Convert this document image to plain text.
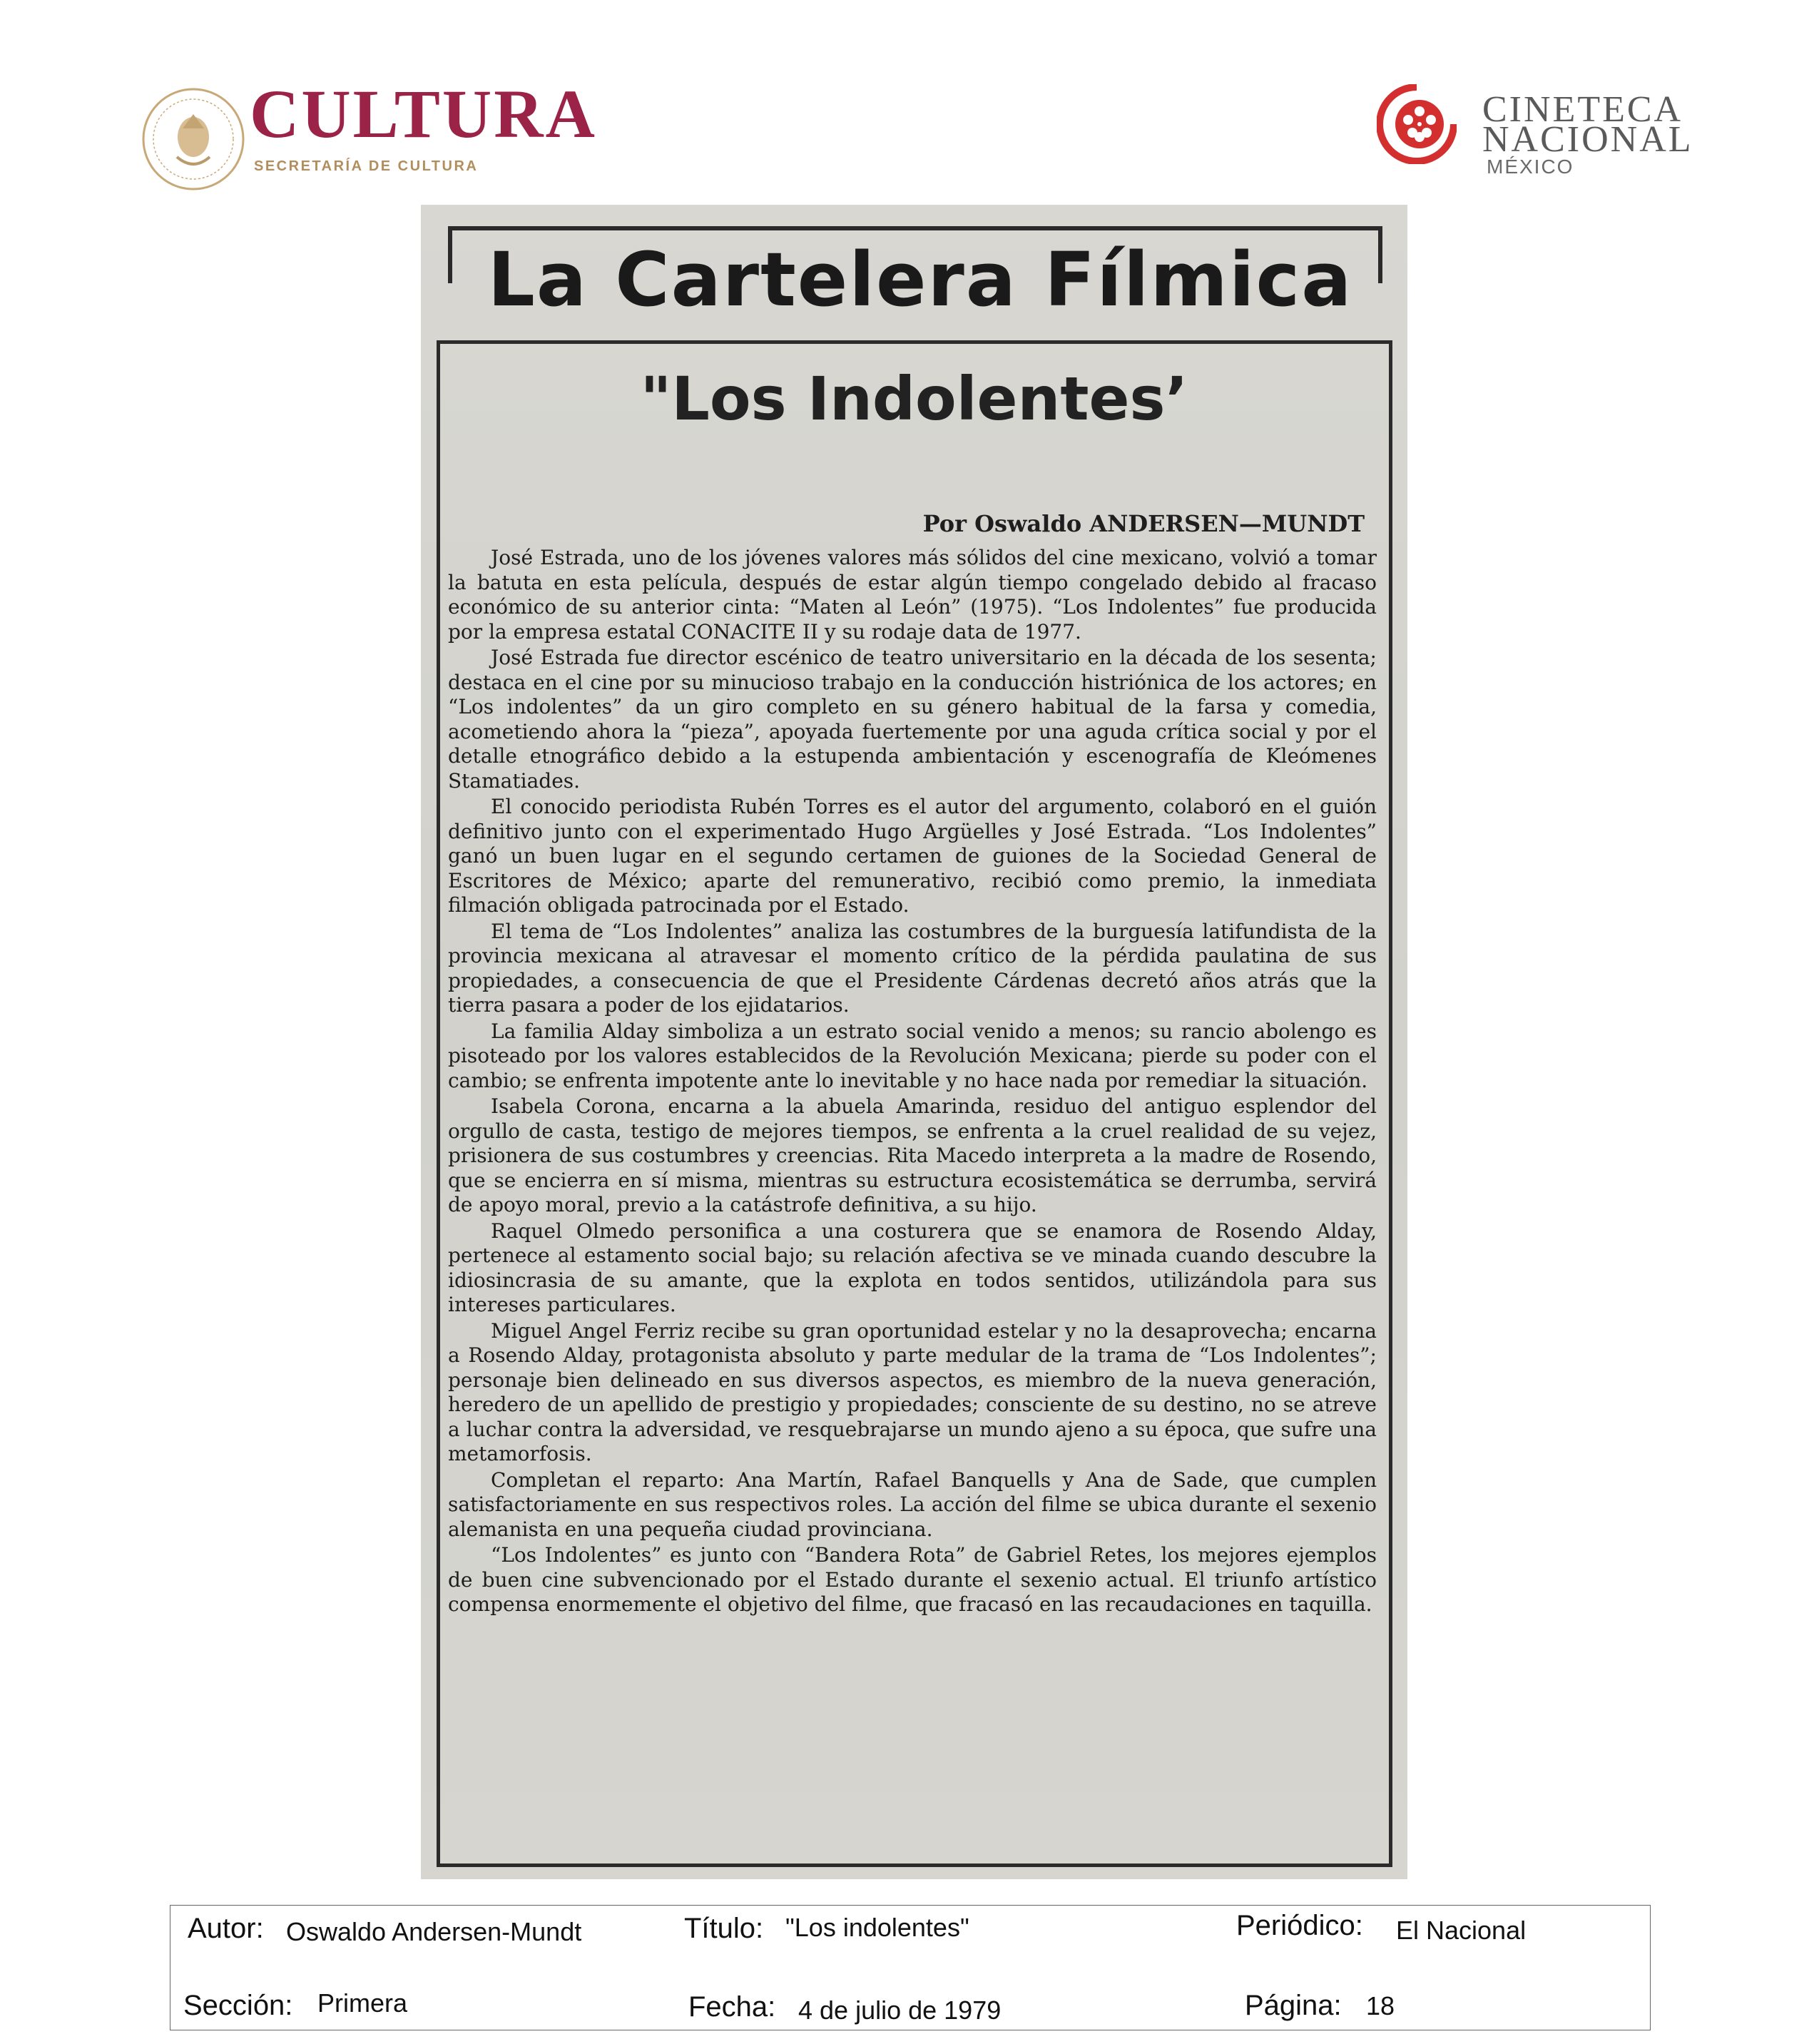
CULTURA
SECRETARÍA DE CULTURA
CINETECA
NACIONAL
MÉXICO
La Cartelera Fílmica
"Los Indolentes’
Por Oswaldo ANDERSEN—MUNDT

José Estrada, uno de los jóvenes valores más sólidos del cine mexicano, volvió a tomar la batuta en esta película, después de estar algún tiempo congelado debido al fracaso económico de su anterior cinta: “Maten al León” (1975). “Los Indolentes” fue producida por la empresa estatal CONACITE II y su rodaje data de 1977.

José Estrada fue director escénico de teatro universitario en la década de los sesenta; destaca en el cine por su minucioso trabajo en la conducción histriónica de los actores; en “Los indolentes” da un giro completo en su género habitual de la farsa y comedia, acometiendo ahora la “pieza”, apoyada fuertemente por una aguda crítica social y por el detalle etnográfico debido a la estupenda ambientación y escenografía de Kleómenes Stamatiades.

El conocido periodista Rubén Torres es el autor del argumento, colaboró en el guión definitivo junto con el experimentado Hugo Argüelles y José Estrada. “Los Indolentes” ganó un buen lugar en el segundo certamen de guiones de la Sociedad General de Escritores de México; aparte del remunerativo, recibió como premio, la inmediata filmación obligada patrocinada por el Estado.

El tema de “Los Indolentes” analiza las costumbres de la burguesía latifundista de la provincia mexicana al atravesar el momento crítico de la pérdida paulatina de sus propiedades, a consecuencia de que el Presidente Cárdenas decretó años atrás que la tierra pasara a poder de los ejidatarios.

La familia Alday simboliza a un estrato social venido a menos; su rancio abolengo es pisoteado por los valores establecidos de la Revolución Mexicana; pierde su poder con el cambio; se enfrenta impotente ante lo inevitable y no hace nada por remediar la situación.

Isabela Corona, encarna a la abuela Amarinda, residuo del antiguo esplendor del orgullo de casta, testigo de mejores tiempos, se enfrenta a la cruel realidad de su vejez, prisionera de sus costumbres y creencias. Rita Macedo interpreta a la madre de Rosendo, que se encierra en sí misma, mientras su estructura ecosistemática se derrumba, servirá de apoyo moral, previo a la catástrofe definitiva, a su hijo.

Raquel Olmedo personifica a una costurera que se enamora de Rosendo Alday, pertenece al estamento social bajo; su relación afectiva se ve minada cuando descubre la idiosincrasia de su amante, que la explota en todos sentidos, utilizándola para sus intereses particulares.

Miguel Angel Ferriz recibe su gran oportunidad estelar y no la desaprovecha; encarna a Rosendo Alday, protagonista absoluto y parte medular de la trama de “Los Indolentes”; personaje bien delineado en sus diversos aspectos, es miembro de la nueva generación, heredero de un apellido de prestigio y propiedades; consciente de su destino, no se atreve a luchar contra la adversidad, ve resquebrajarse un mundo ajeno a su época, que sufre una metamorfosis.

Completan el reparto: Ana Martín, Rafael Banquells y Ana de Sade, que cumplen satisfactoriamente en sus respectivos roles. La acción del filme se ubica durante el sexenio alemanista en una pequeña ciudad provinciana.

“Los Indolentes” es junto con “Bandera Rota” de Gabriel Retes, los mejores ejemplos de buen cine subvencionado por el Estado durante el sexenio actual. El triunfo artístico compensa enormemente el objetivo del filme, que fracasó en las recaudaciones en taquilla.

Autor: Oswaldo Andersen-Mundt	Título: "Los indolentes"	Periódico: El Nacional
Sección: Primera	Fecha: 4 de julio de 1979	Página: 18
